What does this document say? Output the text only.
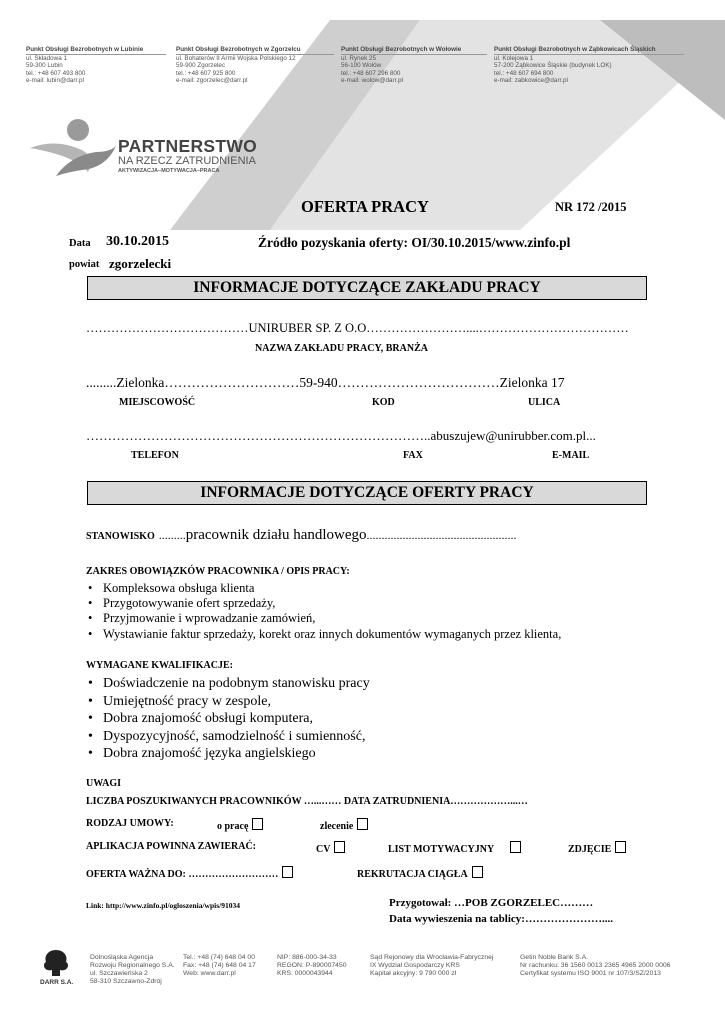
Punkt Obsługi Bezrobotnych w Lubinie
ul. Składowa 1
59-300 Lubin
tel.: +48 607 493 800
e-mail: lubin@darr.pl
Punkt Obsługi Bezrobotnych w Zgorzelcu
ul. Bohaterów II Armii Wojska Polskiego 12
59-900 Zgorzelec
tel.: +48 607 925 800
e-mail: zgorzelec@darr.pl
Punkt Obsługi Bezrobotnych w Wołowie
ul. Rynek 25
56-100 Wołów
tel.: +48 607 296 800
e-mail: wolow@darr.pl
Punkt Obsługi Bezrobotnych w Ząbkowicach Śląskich
ul. Kolejowa 1
57-200 Ząbkowice Śląskie (budynek LOK)
tel.: +48 607 694 800
e-mail: zabkowice@darr.pl
PARTNERSTWO
NA RZECZ ZATRUDNIENIA
AKTYWIZACJA–MOTYWACJA–PRACA
OFERTA PRACY	NR 172 /2015
Data 30.10.2015	Źródło pozyskania oferty: OI/30.10.2015/www.zinfo.pl
powiat zgorzelecki
INFORMACJE DOTYCZĄCE ZAKŁADU PRACY
…………………………………UNIRUBER SP. Z O.O……………………....………………………………
NAZWA ZAKŁADU PRACY, BRANŻA
.........Zielonka…………………………59-940………………………………Zielonka 17
MIEJSCOWOŚĆ	KOD	ULICA
……………………………………………………………………..abuszujew@unirubber.com.pl...
TELEFON	FAX	E-MAIL
INFORMACJE DOTYCZĄCE OFERTY PRACY
STANOWISKO .........pracownik działu handlowego..................................................
ZAKRES OBOWIĄZKÓW PRACOWNIKA / OPIS PRACY:
• Kompleksowa obsługa klienta
• Przygotowywanie ofert sprzedaży,
• Przyjmowanie i wprowadzanie zamówień,
• Wystawianie faktur sprzedaży, korekt oraz innych dokumentów wymaganych przez klienta,
WYMAGANE KWALIFIKACJE:
• Doświadczenie na podobnym stanowisku pracy
• Umiejętność pracy w zespole,
• Dobra znajomość obsługi komputera,
• Dyspozycyjność, samodzielność i sumienność,
• Dobra znajomość języka angielskiego
UWAGI
LICZBA POSZUKIWANYCH PRACOWNIKÓW …...…… DATA ZATRUDNIENIA………………...…
RODZAJ UMOWY:	o pracę	zlecenie
APLIKACJA POWINNA ZAWIERAĆ:	CV	LIST MOTYWACYJNY	ZDJĘCIE
OFERTA WAŻNA DO: ………………………	REKRUTACJA CIĄGŁA
Link: http://www.zinfo.pl/ogloszenia/wpis/91034	Przygotował: …POB ZGORZELEC………
Data wywieszenia na tablicy:…………………....
DARR S.A.
Dolnośląska Agencja
Rozwoju Regionalnego S.A.
ul. Szczawieńska 2
58-310 Szczawno-Zdrój
Tel.: +48 (74) 648 04 00
Fax: +48 (74) 648 04 17
Web: www.darr.pl
NIP: 886-000-34-33
REGON: P-890007450
KRS: 0000043944
Sąd Rejonowy dla Wrocławia-Fabrycznej
IX Wydział Gospodarczy KRS
Kapitał akcyjny: 9 790 000 zł
Getin Noble Bank S.A.
Nr rachunku: 36 1560 0013 2365 4965 2000 0006
Certyfikat systemu ISO 9001 nr 107/3/SZ/2013
